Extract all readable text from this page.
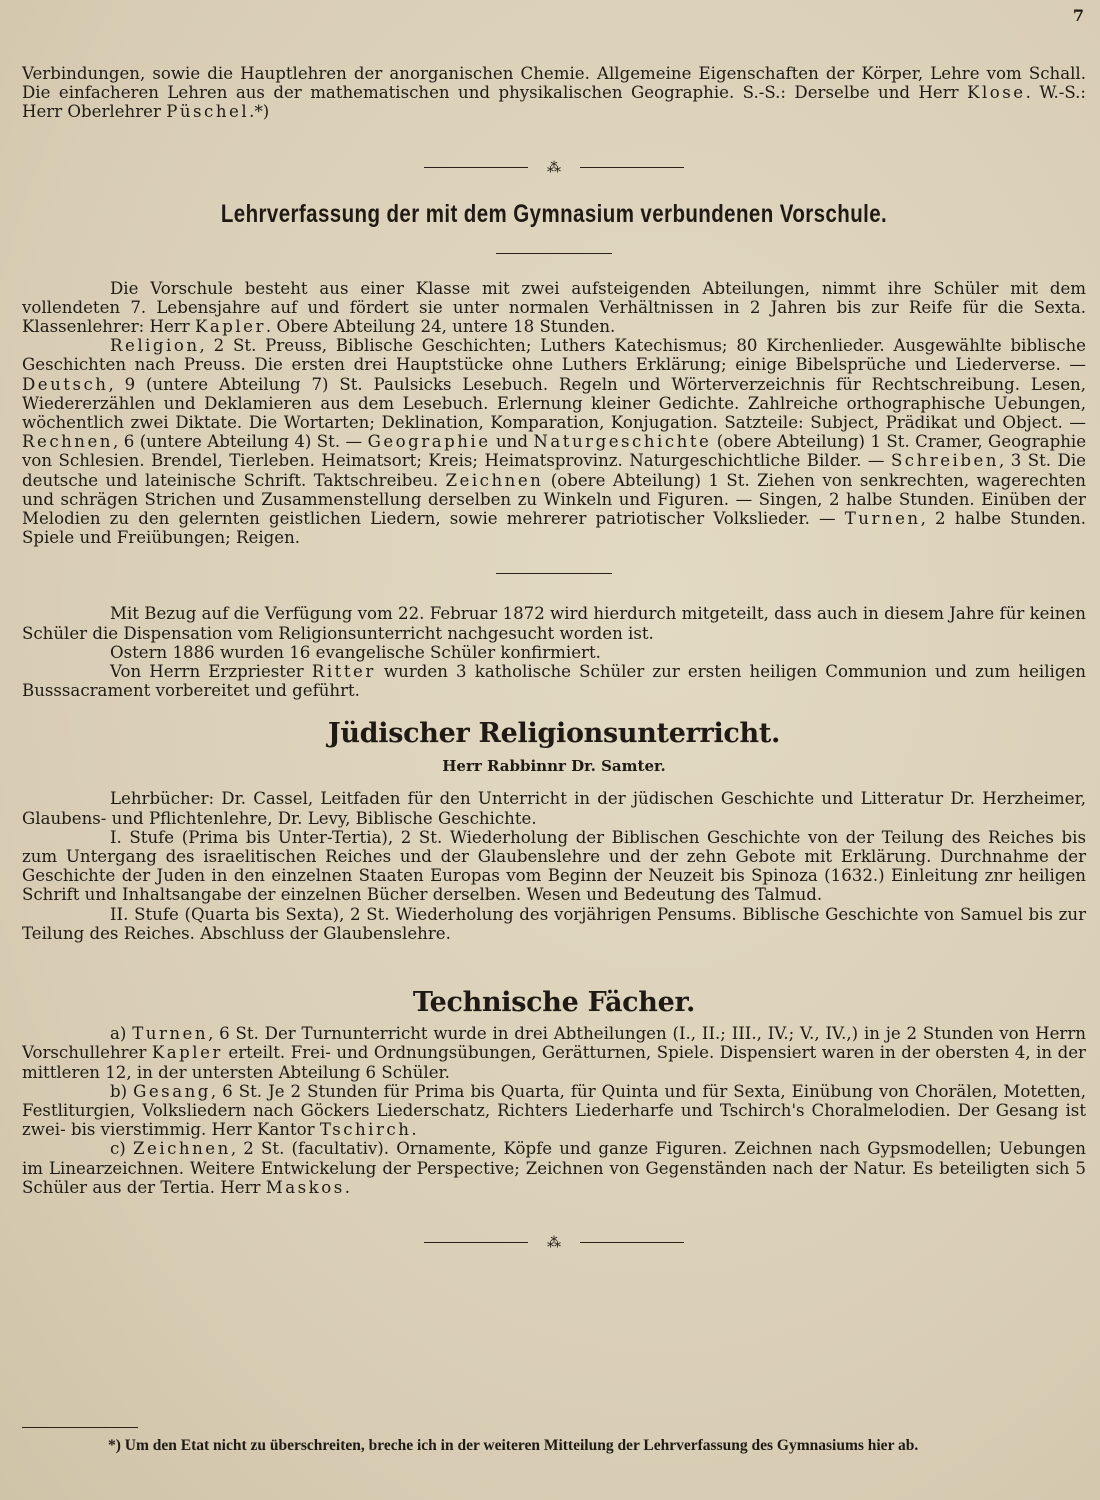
7

Verbindungen, sowie die Hauptlehren der anorganischen Chemie. Allgemeine Eigenschaften der Körper, Lehre vom Schall. Die einfacheren Lehren aus der mathematischen und physikalischen Geographie. S.-S.: Derselbe und Herr Klose. W.-S.: Herr Oberlehrer Püschel.*)

⁂
Lehrverfassung der mit dem Gymnasium verbundenen Vorschule.

Die Vorschule besteht aus einer Klasse mit zwei aufsteigenden Abteilungen, nimmt ihre Schüler mit dem vollendeten 7. Lebensjahre auf und fördert sie unter normalen Verhältnissen in 2 Jahren bis zur Reife für die Sexta. Klassenlehrer: Herr Kapler. Obere Abteilung 24, untere 18 Stunden.

Religion, 2 St. Preuss, Biblische Geschichten; Luthers Katechismus; 80 Kirchenlieder. Ausgewählte biblische Geschichten nach Preuss. Die ersten drei Hauptstücke ohne Luthers Erklärung; einige Bibelsprüche und Liederverse. — Deutsch, 9 (untere Abteilung 7) St. Paulsicks Lesebuch. Regeln und Wörterverzeichnis für Rechtschreibung. Lesen, Wiedererzählen und Deklamieren aus dem Lesebuch. Erlernung kleiner Gedichte. Zahlreiche orthographische Uebungen, wöchentlich zwei Diktate. Die Wortarten; Deklination, Komparation, Konjugation. Satzteile: Subject, Prädikat und Object. — Rechnen, 6 (untere Abteilung 4) St. — Geographie und Naturgeschichte (obere Abteilung) 1 St. Cramer, Geographie von Schlesien. Brendel, Tierleben. Heimatsort; Kreis; Heimatsprovinz. Naturgeschichtliche Bilder. — Schreiben, 3 St. Die deutsche und lateinische Schrift. Taktschreibeu. Zeichnen (obere Abteilung) 1 St. Ziehen von senkrechten, wagerechten und schrägen Strichen und Zusammenstellung derselben zu Winkeln und Figuren. — Singen, 2 halbe Stunden. Einüben der Melodien zu den gelernten geistlichen Liedern, sowie mehrerer patriotischer Volkslieder. — Turnen, 2 halbe Stunden. Spiele und Freiübungen; Reigen.

Mit Bezug auf die Verfügung vom 22. Februar 1872 wird hierdurch mitgeteilt, dass auch in diesem Jahre für keinen Schüler die Dispensation vom Religionsunterricht nachgesucht worden ist.

Ostern 1886 wurden 16 evangelische Schüler konfirmiert.

Von Herrn Erzpriester Ritter wurden 3 katholische Schüler zur ersten heiligen Communion und zum heiligen Busssacrament vorbereitet und geführt.

Jüdischer Religionsunterricht.
Herr Rabbinnr Dr. Samter.

Lehrbücher: Dr. Cassel, Leitfaden für den Unterricht in der jüdischen Geschichte und Litteratur Dr. Herzheimer, Glaubens- und Pflichtenlehre, Dr. Levy, Biblische Geschichte.

I. Stufe (Prima bis Unter-Tertia), 2 St. Wiederholung der Biblischen Geschichte von der Teilung des Reiches bis zum Untergang des israelitischen Reiches und der Glaubenslehre und der zehn Gebote mit Erklärung. Durchnahme der Geschichte der Juden in den einzelnen Staaten Europas vom Beginn der Neuzeit bis Spinoza (1632.) Einleitung znr heiligen Schrift und Inhaltsangabe der einzelnen Bücher derselben. Wesen und Bedeutung des Talmud.

II. Stufe (Quarta bis Sexta), 2 St. Wiederholung des vorjährigen Pensums. Biblische Geschichte von Samuel bis zur Teilung des Reiches. Abschluss der Glaubenslehre.

Technische Fächer.

a) Turnen, 6 St. Der Turnunterricht wurde in drei Abtheilungen (I., II.; III., IV.; V., IV.,) in je 2 Stunden von Herrn Vorschullehrer Kapler erteilt. Frei- und Ordnungsübungen, Gerätturnen, Spiele. Dispensiert waren in der obersten 4, in der mittleren 12, in der untersten Abteilung 6 Schüler.

b) Gesang, 6 St. Je 2 Stunden für Prima bis Quarta, für Quinta und für Sexta, Einübung von Chorälen, Motetten, Festliturgien, Volksliedern nach Göckers Liederschatz, Richters Liederharfe und Tschirch's Choralmelodien. Der Gesang ist zwei- bis vierstimmig. Herr Kantor Tschirch.

c) Zeichnen, 2 St. (facultativ). Ornamente, Köpfe und ganze Figuren. Zeichnen nach Gypsmodellen; Uebungen im Linearzeichnen. Weitere Entwickelung der Perspective; Zeichnen von Gegenständen nach der Natur. Es beteiligten sich 5 Schüler aus der Tertia. Herr Maskos.

⁂
*) Um den Etat nicht zu überschreiten, breche ich in der weiteren Mitteilung der Lehrverfassung des Gymnasiums hier ab.
